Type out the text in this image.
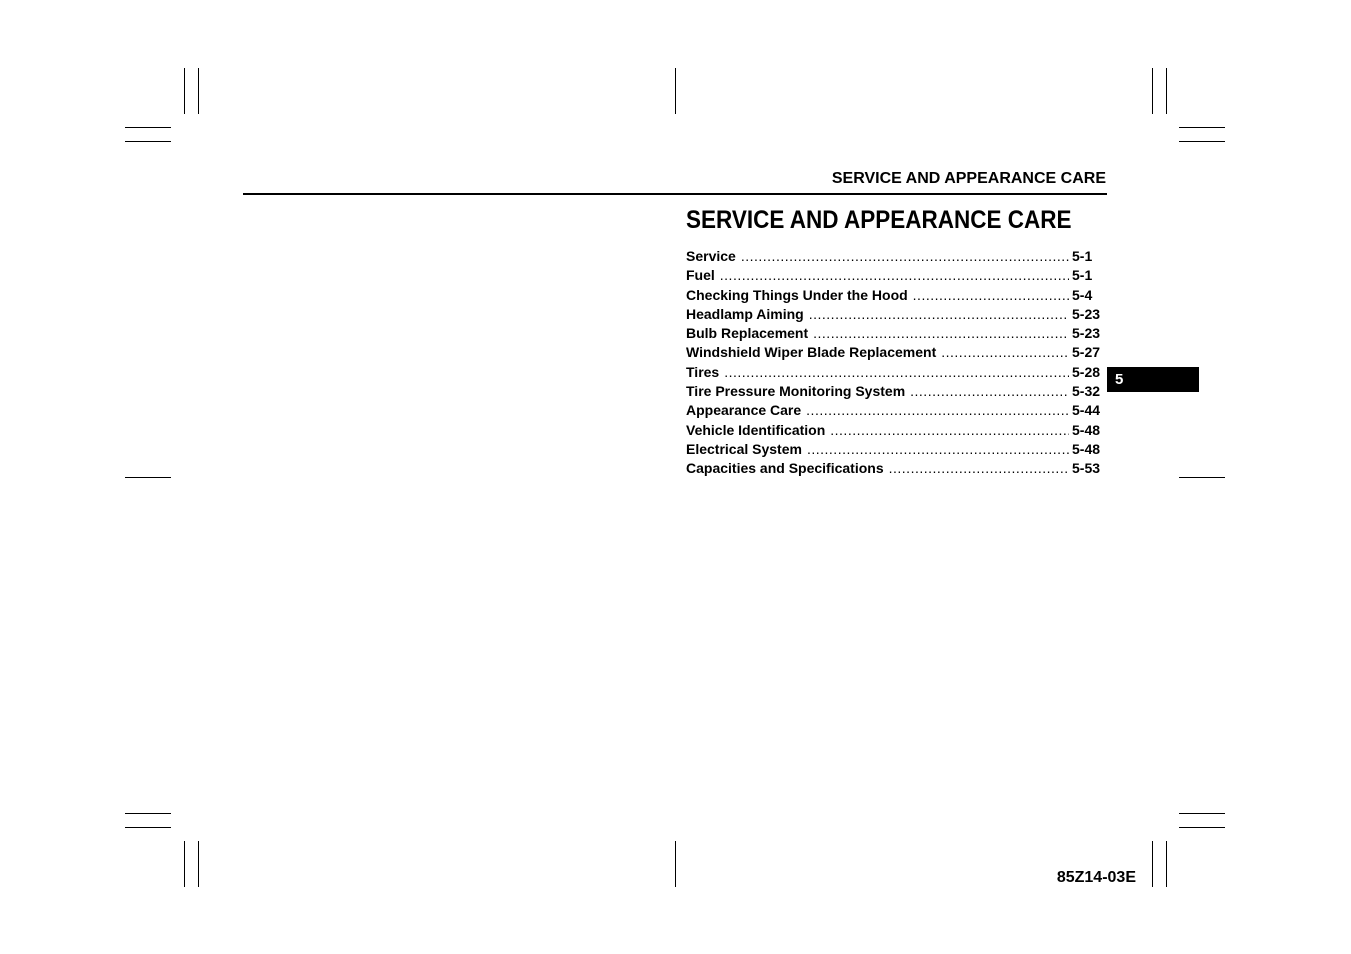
SERVICE AND APPEARANCE CARE
SERVICE AND APPEARANCE CARE
Service .....	5-1
Fuel .....	5-1
Checking Things Under the Hood .....	5-4
Headlamp Aiming .....	5-23
Bulb Replacement .....	5-23
Windshield Wiper Blade Replacement .....	5-27
Tires .....	5-28
Tire Pressure Monitoring System .....	5-32
Appearance Care .....	5-44
Vehicle Identification .....	5-48
Electrical System .....	5-48
Capacities and Specifications .....	5-53
5
85Z14-03E
